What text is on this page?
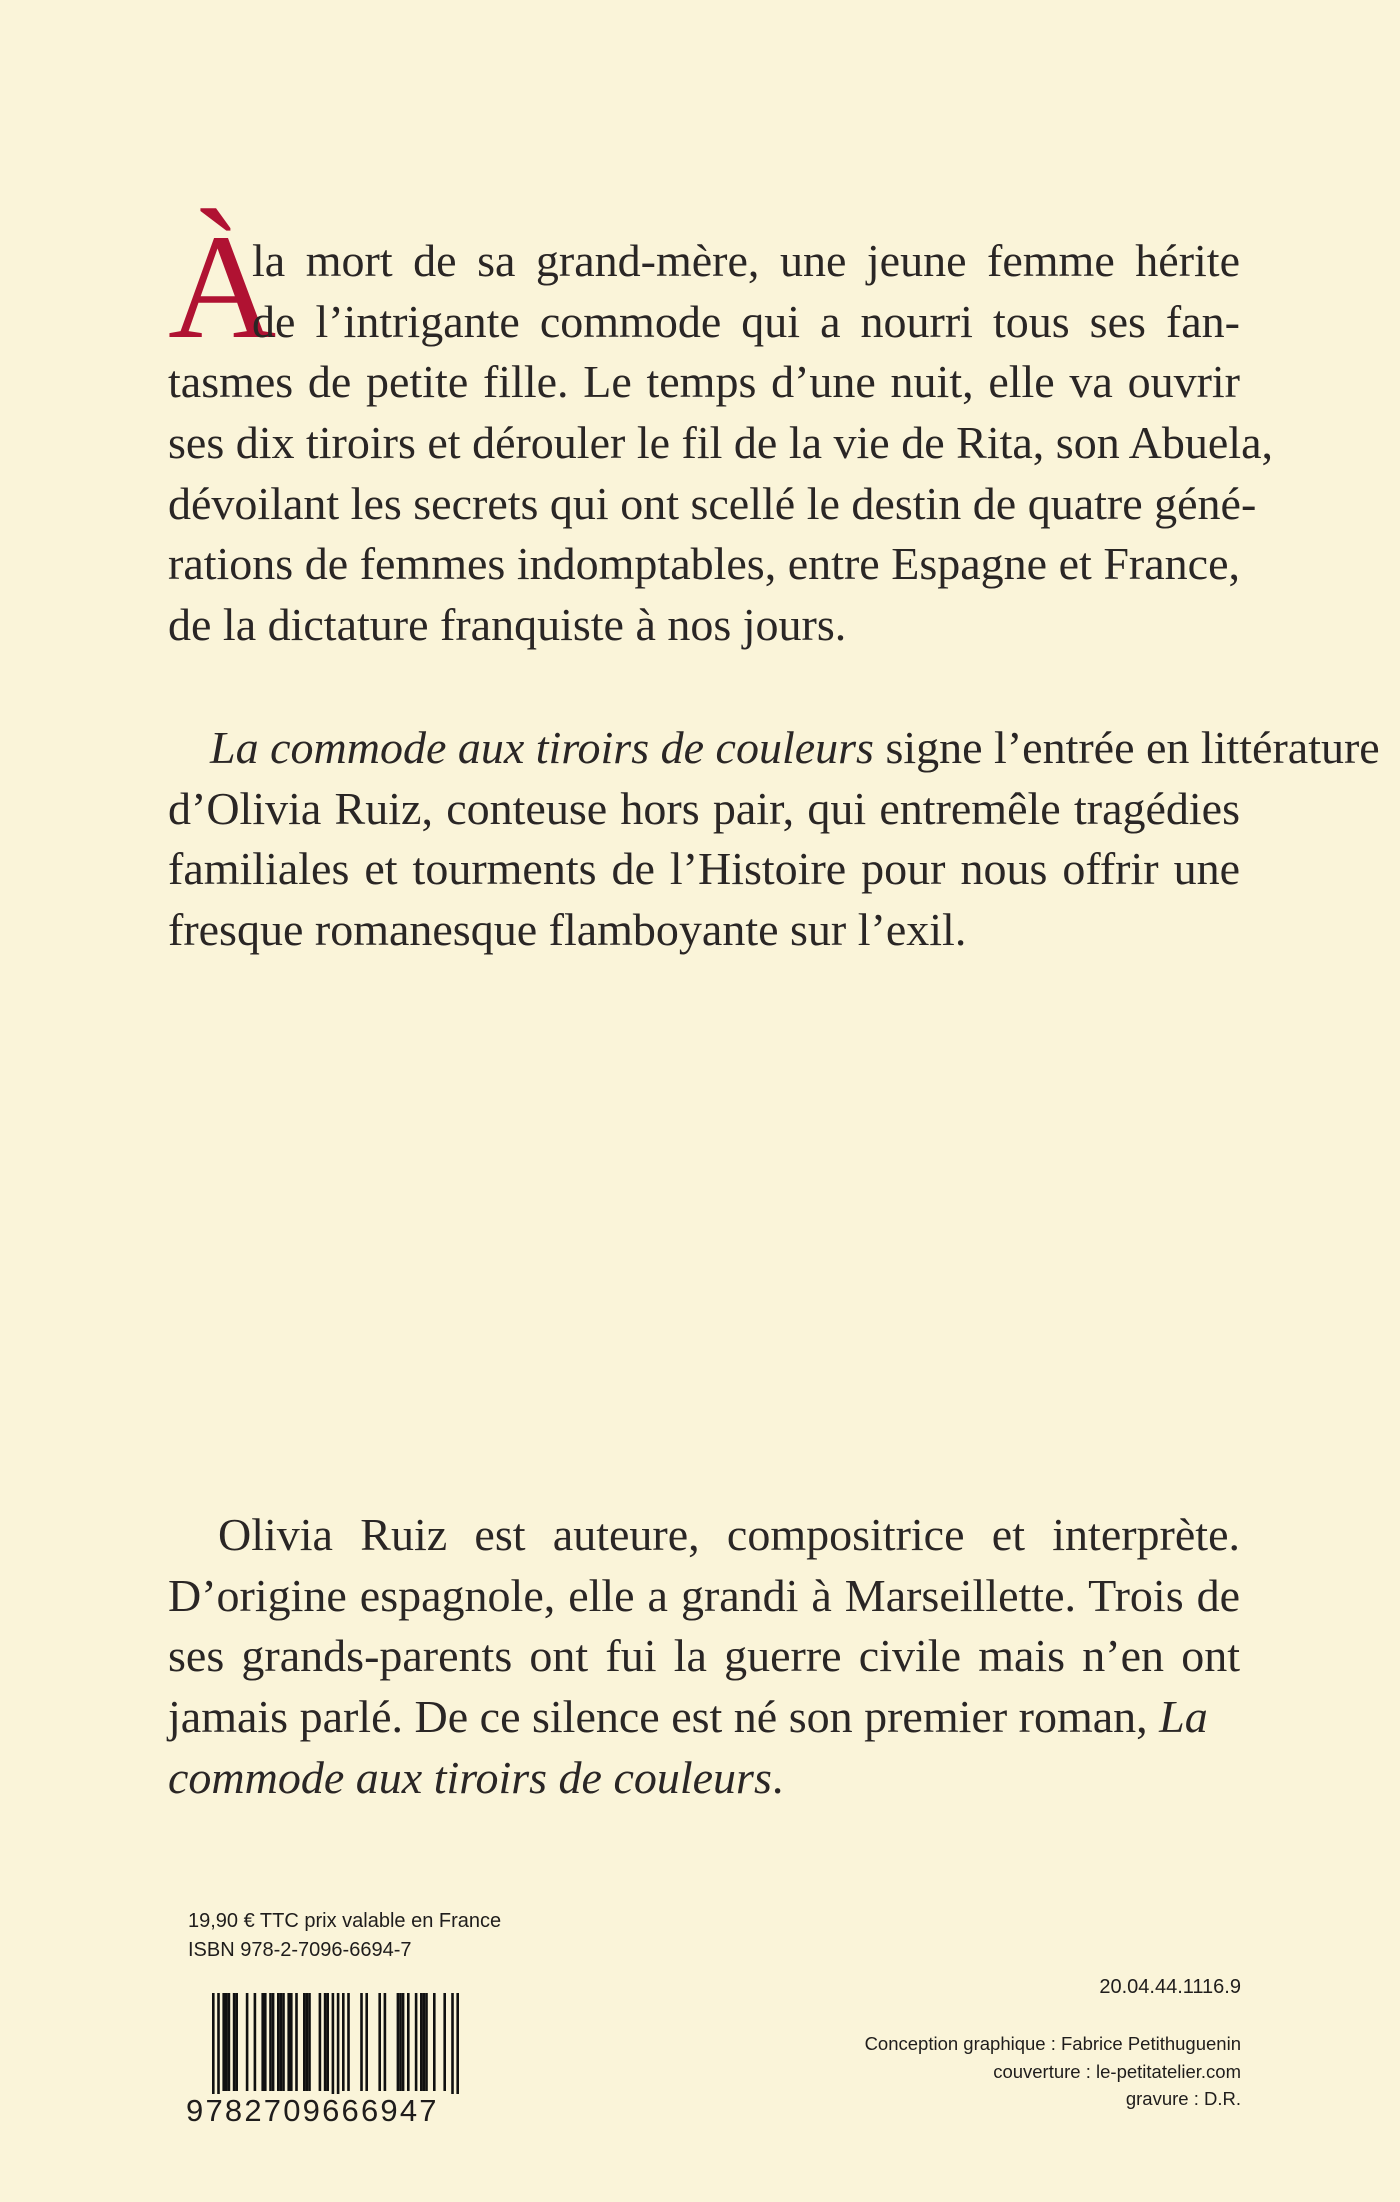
À
la mort de sa grand-mère, une jeune femme hérite
de l’intrigante commode qui a nourri tous ses fan-
tasmes de petite fille. Le temps d’une nuit, elle va ouvrir
ses dix tiroirs et dérouler le fil de la vie de Rita, son Abuela,
dévoilant les secrets qui ont scellé le destin de quatre géné-
rations de femmes indomptables, entre Espagne et France,
de la dictature franquiste à nos jours.
La commode aux tiroirs de couleurs signe l’entrée en littérature
d’Olivia Ruiz, conteuse hors pair, qui entremêle tragédies
familiales et tourments de l’Histoire pour nous offrir une
fresque romanesque flamboyante sur l’exil.
Olivia Ruiz est auteure, compositrice et interprète.
D’origine espagnole, elle a grandi à Marseillette. Trois de
ses grands-parents ont fui la guerre civile mais n’en ont
jamais parlé. De ce silence est né son premier roman, La
commode aux tiroirs de couleurs.
19,90 € TTC prix valable en France
ISBN 978-2-7096-6694-7
9782709666947
20.04.44.1116.9
Conception graphique : Fabrice Petithuguenin
couverture : le-petitatelier.com
gravure : D.R.
